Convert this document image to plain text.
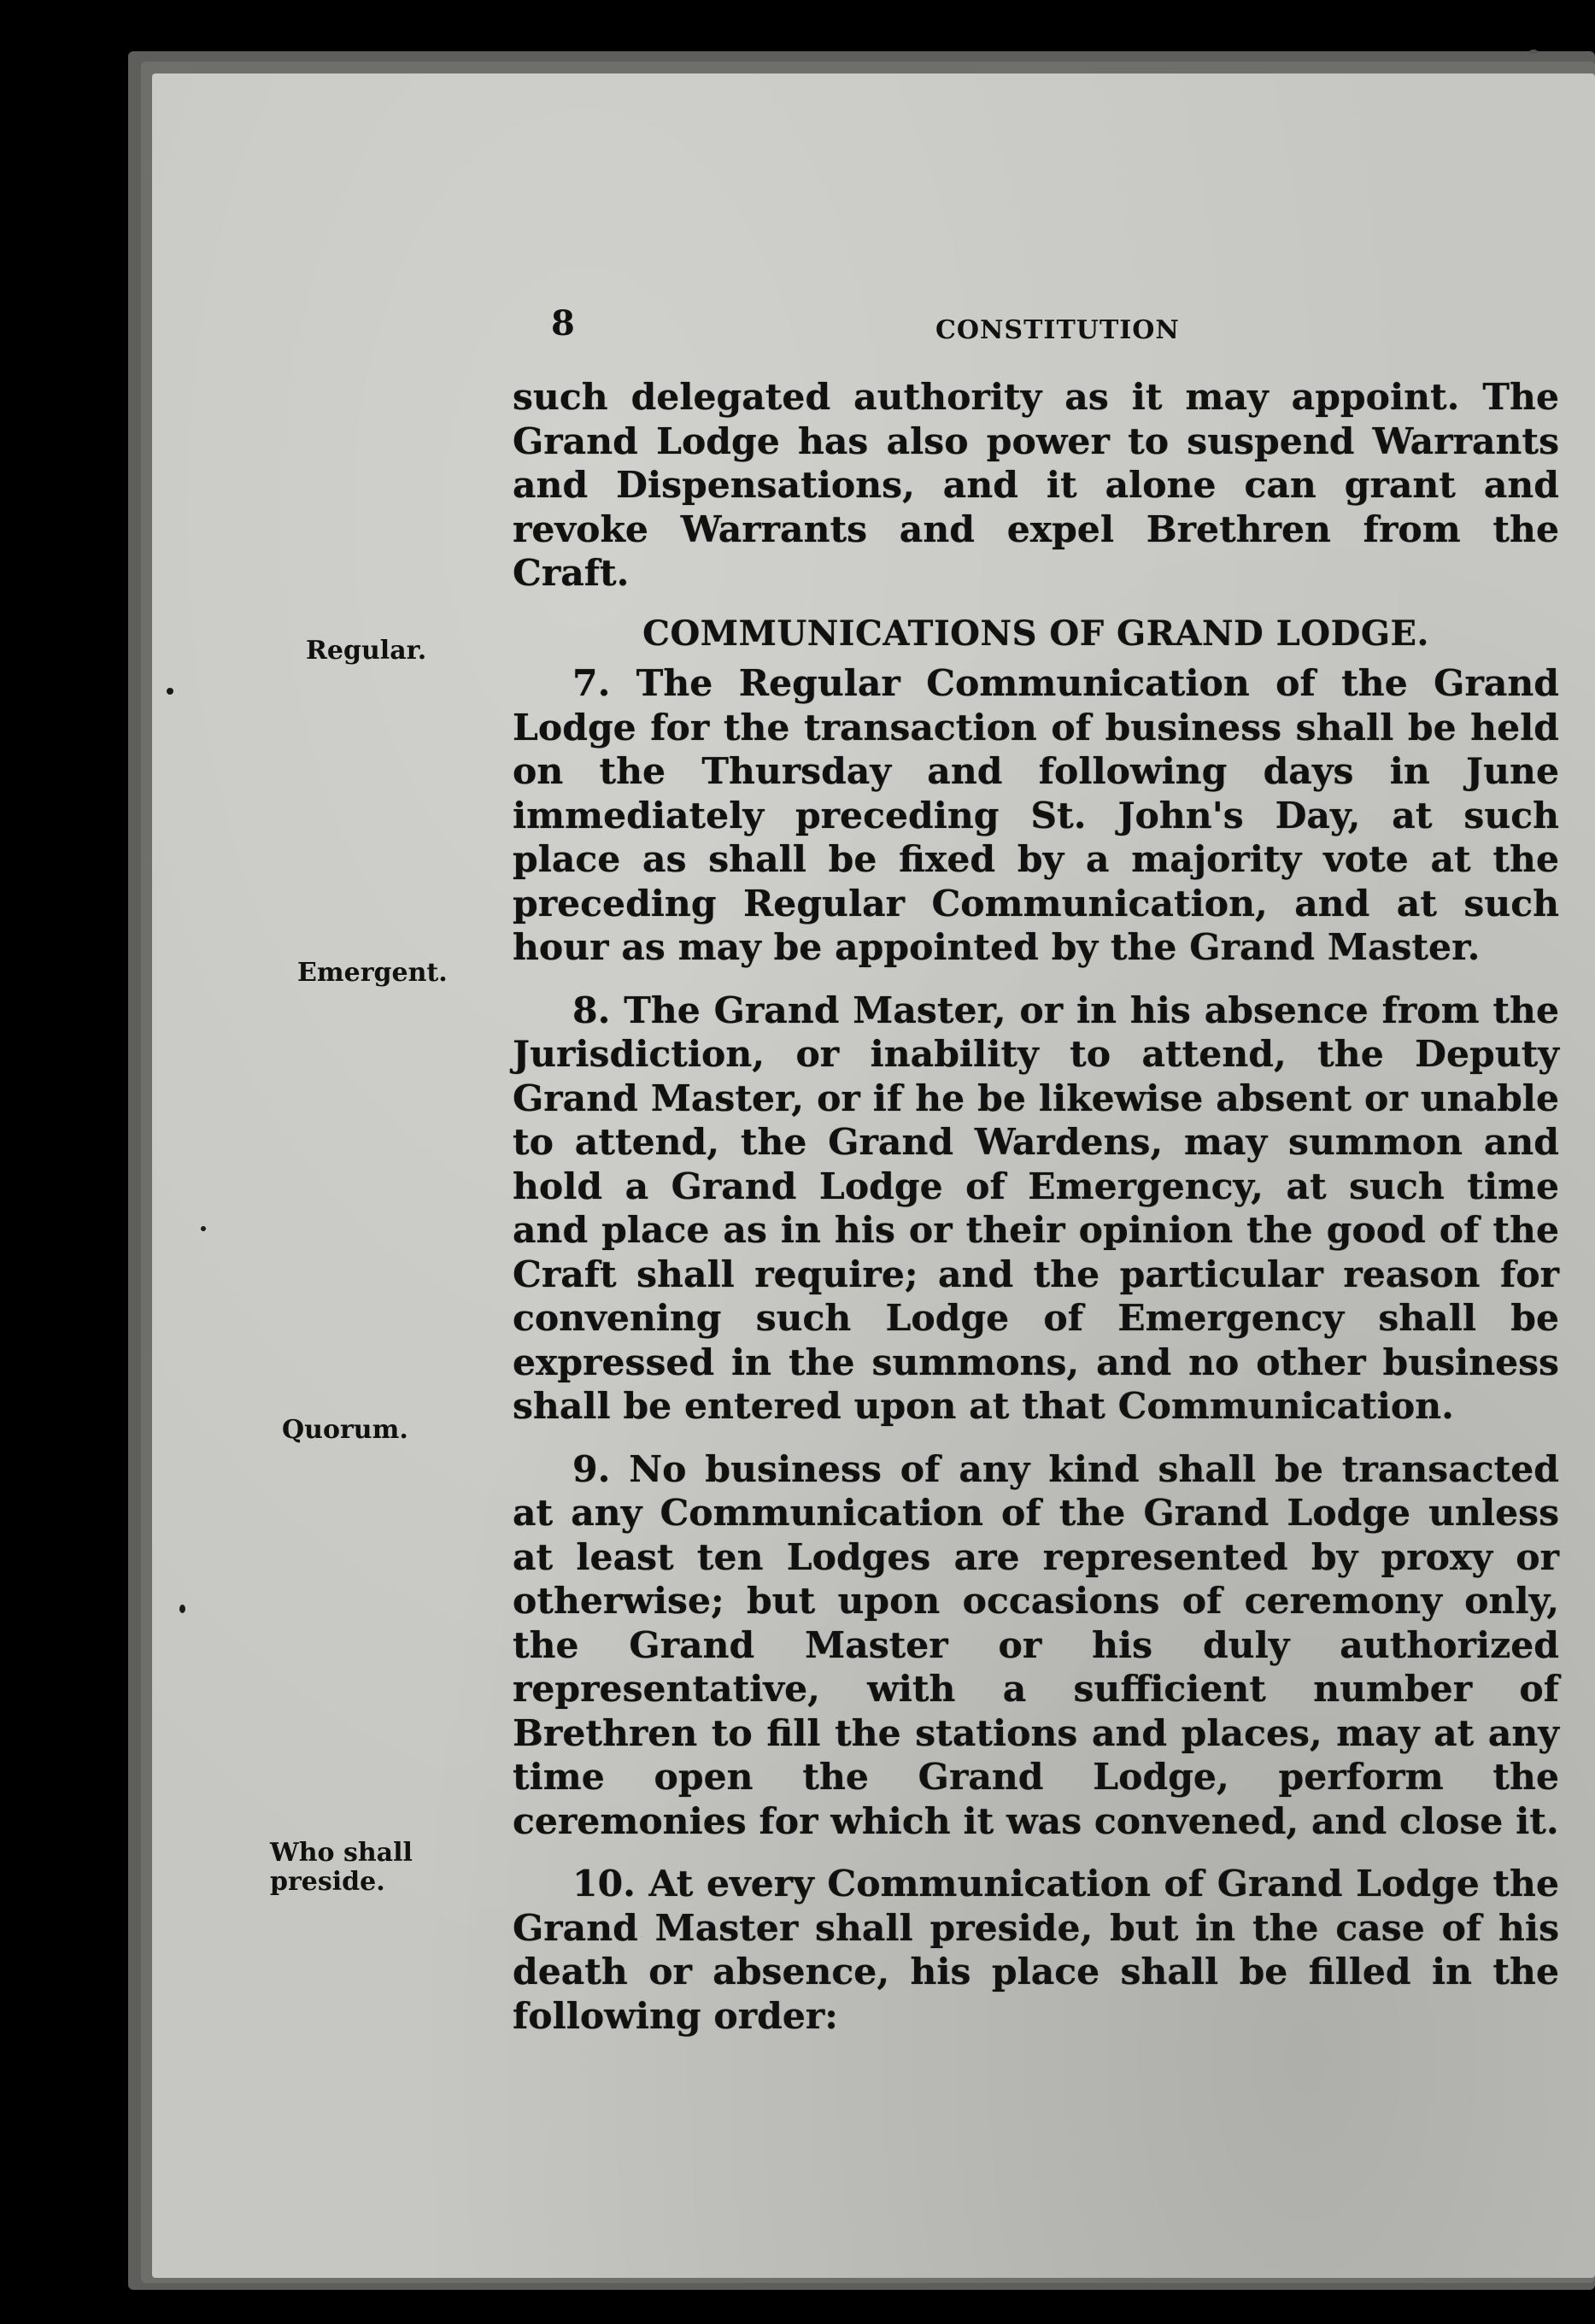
8	CONSTITUTION
Regular.
Emergent.
Quorum.
Who shall preside.

such delegated authority as it may appoint. The Grand Lodge has also power to suspend Warrants and Dispensations, and it alone can grant and revoke Warrants and expel Brethren from the Craft.

COMMUNICATIONS OF GRAND LODGE.

7. The Regular Communication of the Grand Lodge for the transaction of business shall be held on the Thursday and following days in June immediately preceding St. John's Day, at such place as shall be fixed by a majority vote at the preceding Regular Communication, and at such hour as may be appointed by the Grand Master.

8. The Grand Master, or in his absence from the Jurisdiction, or inability to attend, the Deputy Grand Master, or if he be likewise absent or unable to attend, the Grand Wardens, may summon and hold a Grand Lodge of Emergency, at such time and place as in his or their opinion the good of the Craft shall require; and the particular reason for convening such Lodge of Emergency shall be expressed in the summons, and no other business shall be entered upon at that Communication.

9. No business of any kind shall be transacted at any Communication of the Grand Lodge unless at least ten Lodges are represented by proxy or otherwise; but upon occasions of ceremony only, the Grand Master or his duly authorized representative, with a sufficient number of Brethren to fill the stations and places, may at any time open the Grand Lodge, perform the ceremonies for which it was convened, and close it.

10. At every Communication of Grand Lodge the Grand Master shall preside, but in the case of his death or absence, his place shall be filled in the following order:
